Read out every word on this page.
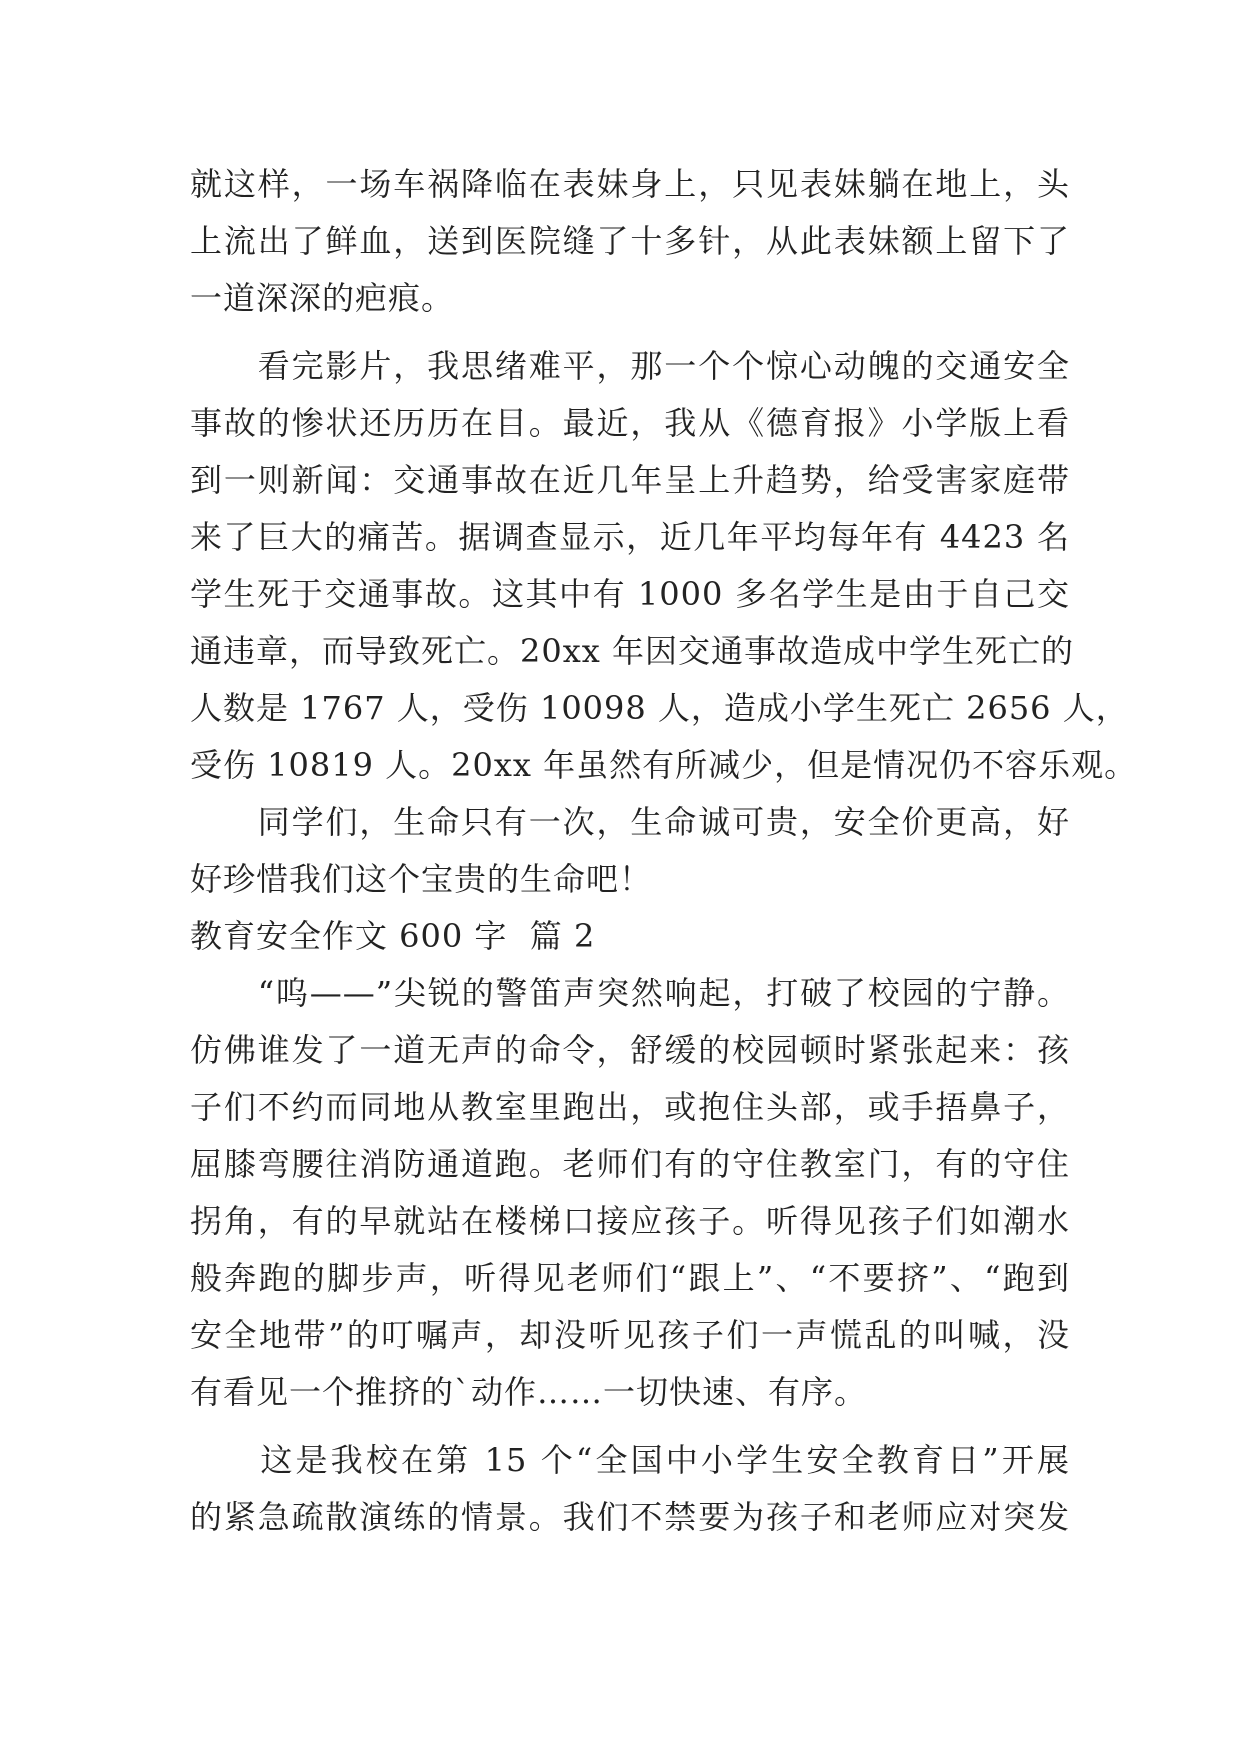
就这样，一场车祸降临在表妹身上，只见表妹躺在地上，头
上流出了鲜血，送到医院缝了十多针，从此表妹额上留下了
一道深深的疤痕。
　　看完影片，我思绪难平，那一个个惊心动魄的交通安全
事故的惨状还历历在目。最近，我从《德育报》小学版上看
到一则新闻：交通事故在近几年呈上升趋势，给受害家庭带
来了巨大的痛苦。据调查显示，近几年平均每年有 4423 名
学生死于交通事故。这其中有 1000 多名学生是由于自己交
通违章，而导致死亡。20xx 年因交通事故造成中学生死亡的
人数是 1767 人，受伤 10098 人，造成小学生死亡 2656 人，
受伤 10819 人。20xx 年虽然有所减少，但是情况仍不容乐观。
　　同学们，生命只有一次，生命诚可贵，安全价更高，好
好珍惜我们这个宝贵的生命吧！
教育安全作文 600 字  篇 2
　　“呜——”尖锐的警笛声突然响起，打破了校园的宁静。
仿佛谁发了一道无声的命令，舒缓的校园顿时紧张起来：孩
子们不约而同地从教室里跑出，或抱住头部，或手捂鼻子，
屈膝弯腰往消防通道跑。老师们有的守住教室门，有的守住
拐角，有的早就站在楼梯口接应孩子。听得见孩子们如潮水
般奔跑的脚步声，听得见老师们“跟上”、“不要挤”、“跑到
安全地带”的叮嘱声，却没听见孩子们一声慌乱的叫喊，没
有看见一个推挤的`动作……一切快速、有序。
　　这是我校在第 15 个“全国中小学生安全教育日”开展
的紧急疏散演练的情景。我们不禁要为孩子和老师应对突发
